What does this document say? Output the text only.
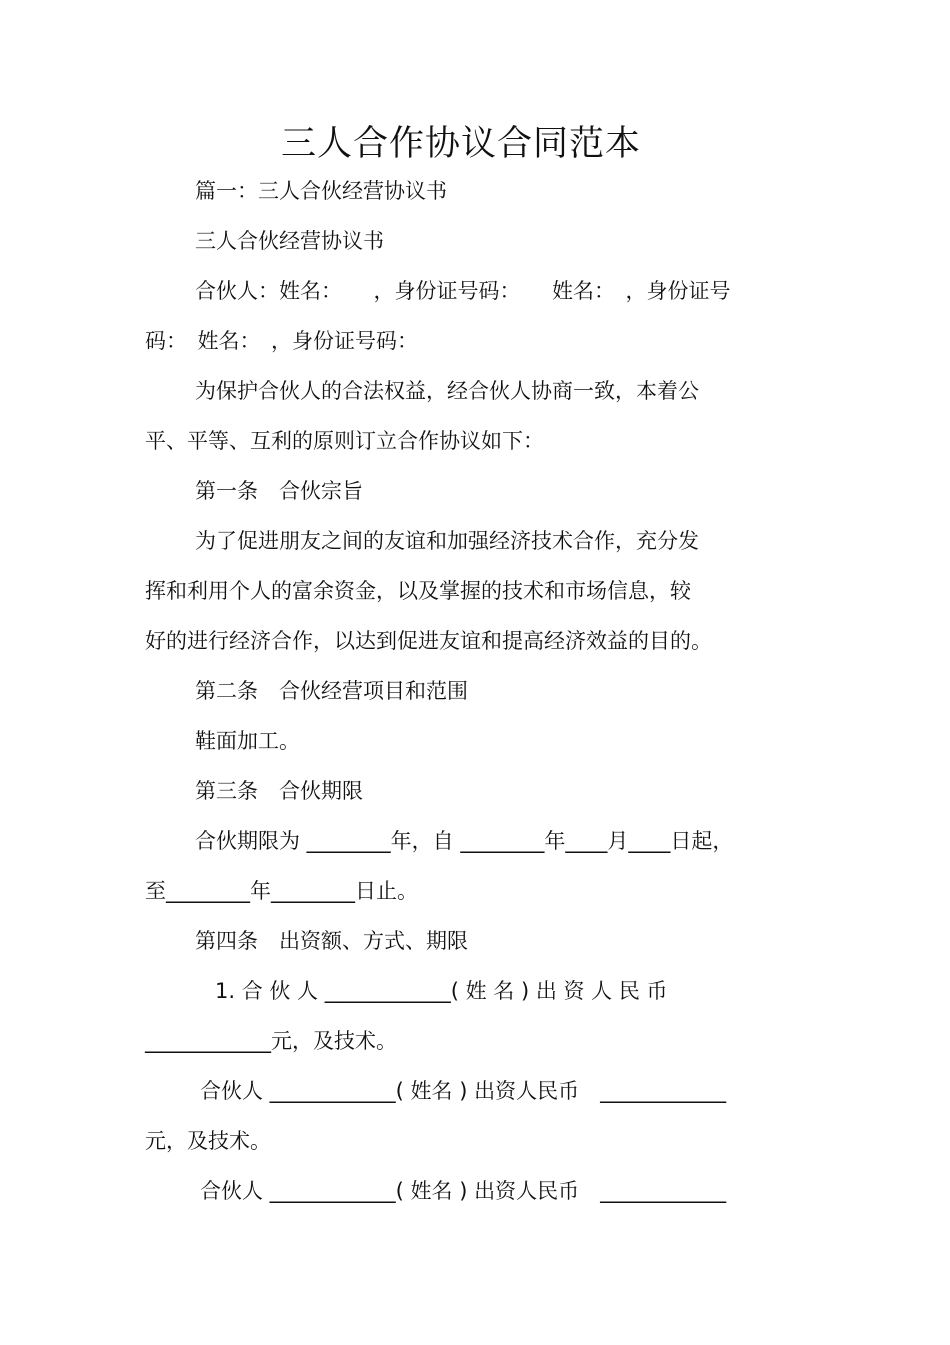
三人合作协议合同范本
篇一：三人合伙经营协议书
三人合伙经营协议书
合伙人：姓名：　　，身份证号码：　　姓名：　，身份证号
码：　姓名：　，身份证号码：
为保护合伙人的合法权益，经合伙人协商一致，本着公
平、平等、互利的原则订立合作协议如下：
第一条　合伙宗旨
为了促进朋友之间的友谊和加强经济技术合作，充分发
挥和利用个人的富余资金，以及掌握的技术和市场信息，较
好的进行经济合作，以达到促进友谊和提高经济效益的目的。
第二条　合伙经营项目和范围
鞋面加工。
第三条　合伙期限
合伙期限为 ________年，自 ________年____月____日起，
至________年________日止。
第四条　出资额、方式、期限
1. 合 伙 人 ____________( 姓 名 ) 出 资 人 民 币
____________元，及技术。
合伙人 ____________( 姓名 ) 出资人民币　____________
元，及技术。
合伙人 ____________( 姓名 ) 出资人民币　____________
